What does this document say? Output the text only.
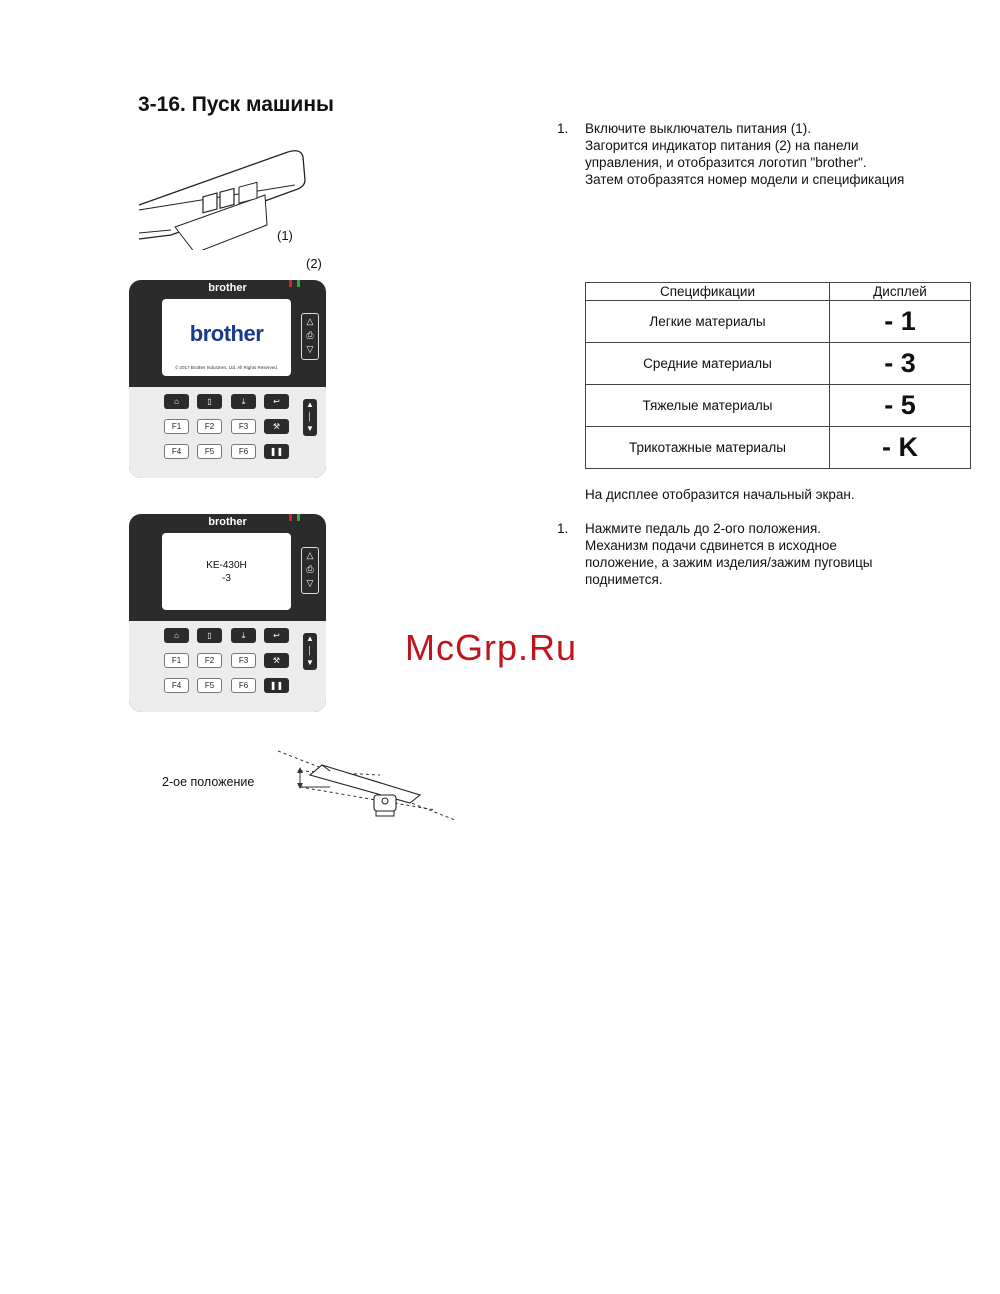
3-16. Пуск машины
1. Включите выключатель питания (1).
Загорится индикатор питания (2) на панели
управления, и отобразится логотип "brother".
Затем отобразятся номер модели и спецификация
(1)
(2)
brother
brother
© 2017 Brother Industries, Ltd. All Rights Reserved.
△
⎙
▽
⌂	▯	⤓	↩
F1	F2	F3	⚒
F4	F5	F6	❚❚
▲
│
▼
Спецификации	Дисплей
Легкие материалы	- 1
Средние материалы	- 3
Тяжелые материалы	- 5
Трикотажные материалы	- K
На дисплее отобразится начальный экран.
1. Нажмите педаль до 2-ого положения.
Механизм подачи сдвинется в исходное
положение, а зажим изделия/зажим пуговицы
поднимется.
brother
KE-430H
-3
△
⎙
▽
⌂	▯	⤓	↩
F1	F2	F3	⚒
F4	F5	F6	❚❚
▲
│
▼	McGrp.Ru
2-ое положение
